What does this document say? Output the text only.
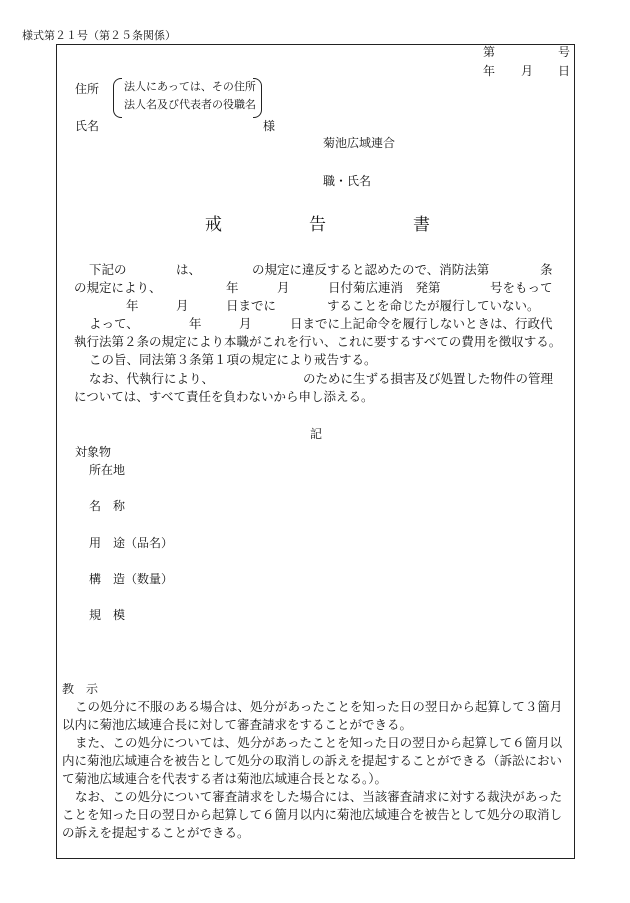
様式第２１号（第２５条関係）
第	号
年 月 日
住所 法人にあっては、その住所
法人名及び代表者の役職名
氏名	様
菊池広域連合
職・氏名
戒	告	書
下記の	は、	の規定に違反すると認めたので、消防法第	条
の規定により、	年	月	日付菊広連消　発第	号をもって
年	月	日までに	することを命じたが履行していない。
よって、	年	月	日までに上記命令を履行しないときは、行政代
執行法第２条の規定により本職がこれを行い、これに要するすべての費用を徴収する。
この旨、同法第３条第１項の規定により戒告する。
なお、代執行により、	のために生ずる損害及び処置した物件の管理
については、すべて責任を負わないから申し添える。
記
対象物
所在地
名　称
用　途（品名）
構　造（数量）
規　模
教　示
この処分に不服のある場合は、処分があったことを知った日の翌日から起算して３箇月
以内に菊池広域連合長に対して審査請求をすることができる。
また、この処分については、処分があったことを知った日の翌日から起算して６箇月以
内に菊池広域連合を被告として処分の取消しの訴えを提起することができる（訴訟におい
て菊池広域連合を代表する者は菊池広域連合長となる。）。
なお、この処分について審査請求をした場合には、当該審査請求に対する裁決があった
ことを知った日の翌日から起算して６箇月以内に菊池広域連合を被告として処分の取消し
の訴えを提起することができる。
